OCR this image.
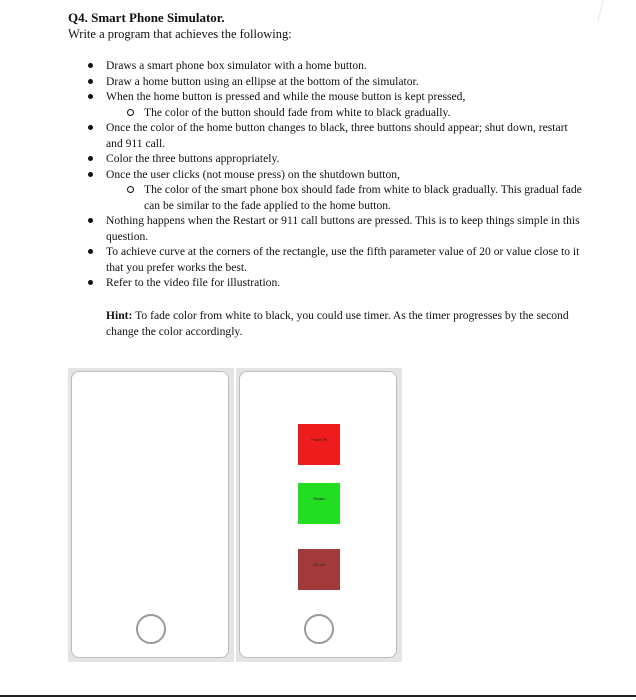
Q4. Smart Phone Simulator.
Write a program that achieves the following:
Draws a smart phone box simulator with a home button.
Draw a home button using an ellipse at the bottom of the simulator.
When the home button is pressed and while the mouse button is kept pressed,
The color of the button should fade from white to black gradually.
Once the color of the home button changes to black, three buttons should appear; shut down, restart and 911 call.
Color the three buttons appropriately.
Once the user clicks (not mouse press) on the shutdown button,
The color of the smart phone box should fade from white to black gradually. This gradual fade can be similar to the fade applied to the home button.
Nothing happens when the Restart or 911 call buttons are pressed. This is to keep things simple in this question.
To achieve curve at the corners of the rectangle, use the fifth parameter value of 20 or value close to it that you prefer works the best.
Refer to the video file for illustration.
Hint: To fade color from white to black, you could use timer. As the timer progresses by the second change the color accordingly.
Power Off
Restart
911 call
